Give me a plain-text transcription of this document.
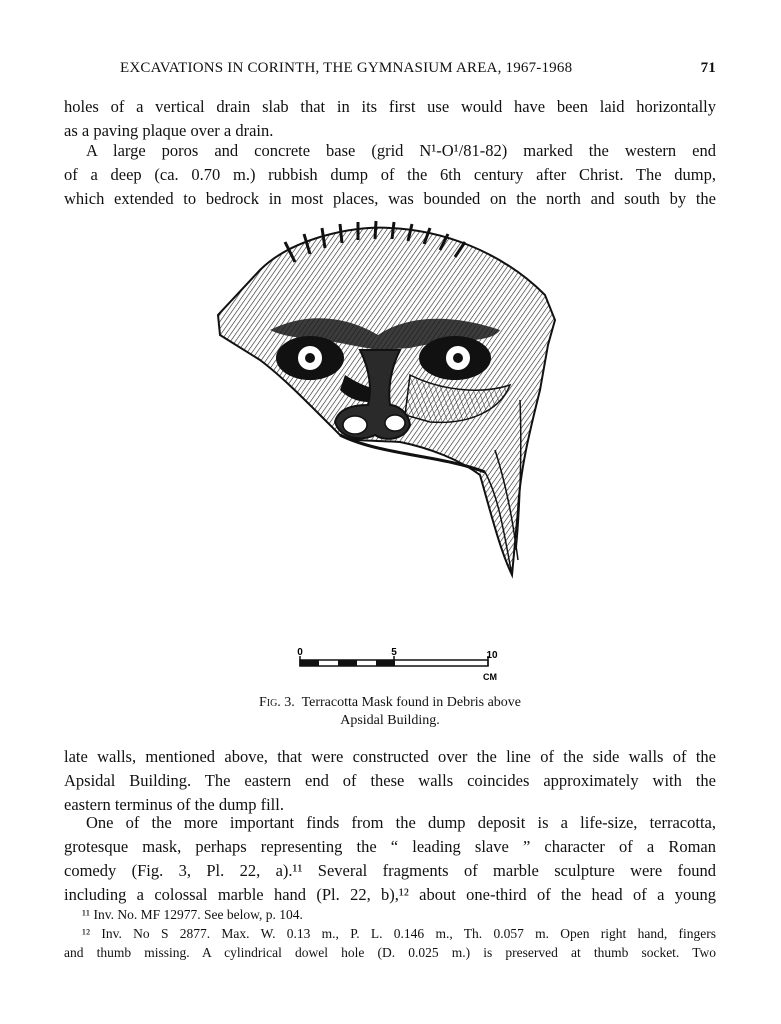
EXCAVATIONS IN CORINTH, THE GYMNASIUM AREA, 1967-1968	71

holes of a vertical drain slab that in its first use would have been laid horizontally
as a paving plaque over a drain.

A large poros and concrete base (grid N¹-O¹/81-82) marked the western end
of a deep (ca. 0.70 m.) rubbish dump of the 6th century after Christ. The dump,
which extended to bedrock in most places, was bounded on the north and south by the

0	5	10
CM
Fig. 3. Terracotta Mask found in Debris above
Apsidal Building.

late walls, mentioned above, that were constructed over the line of the side walls of the
Apsidal Building. The eastern end of these walls coincides approximately with the
eastern terminus of the dump fill.

One of the more important finds from the dump deposit is a life-size, terracotta,
grotesque mask, perhaps representing the “ leading slave ” character of a Roman
comedy (Fig. 3, Pl. 22, a).¹¹ Several fragments of marble sculpture were found
including a colossal marble hand (Pl. 22, b),¹² about one-third of the head of a young

¹¹ Inv. No. MF 12977. See below, p. 104.
¹² Inv. No S 2877. Max. W. 0.13 m., P. L. 0.146 m., Th. 0.057 m. Open right hand, fingers
and thumb missing. A cylindrical dowel hole (D. 0.025 m.) is preserved at thumb socket. Two
